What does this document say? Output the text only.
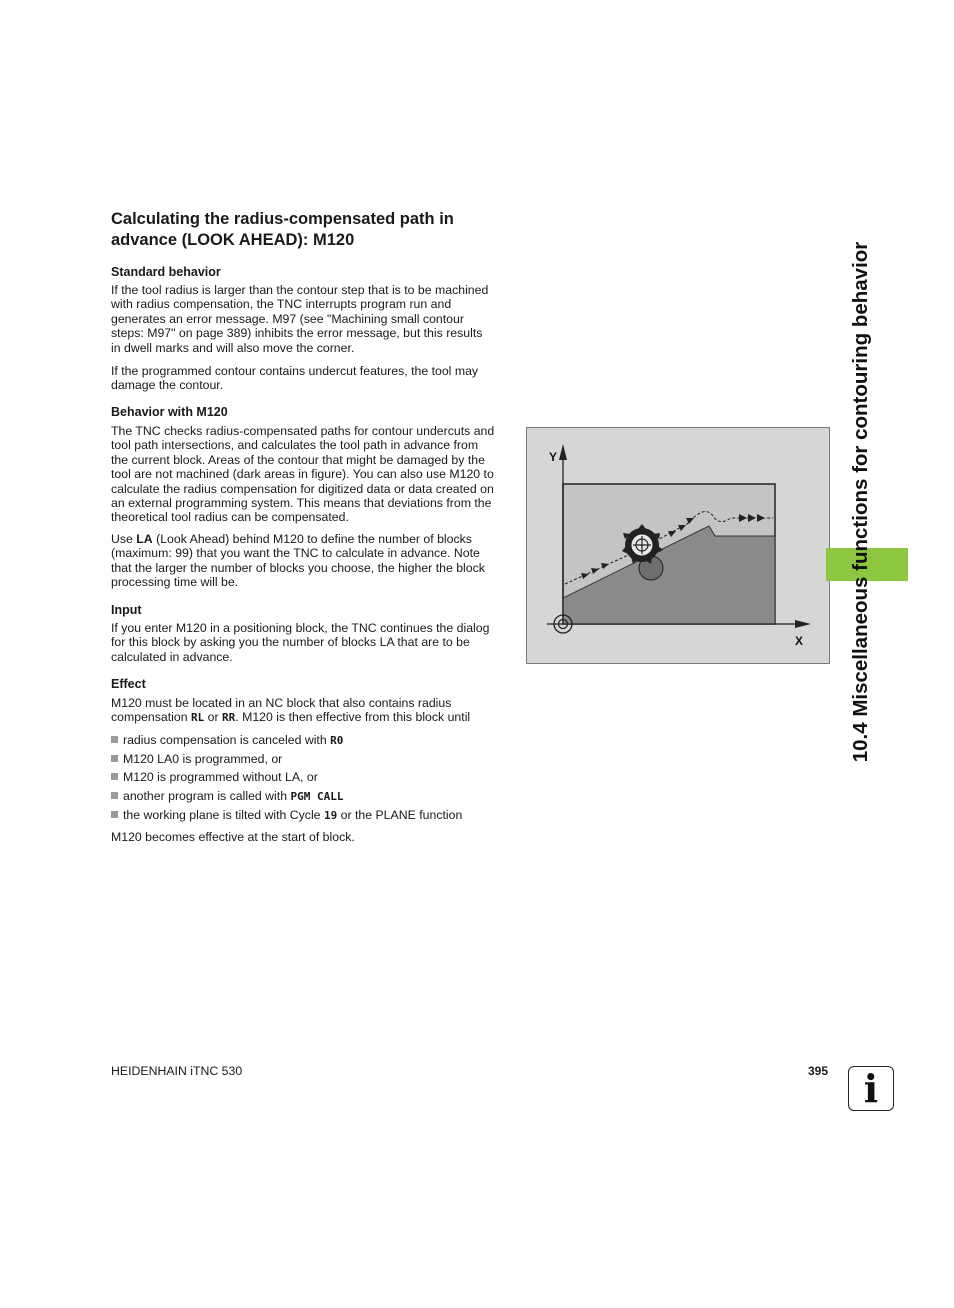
Calculating the radius-compensated path in
advance (LOOK AHEAD): M120
Standard behavior
If the tool radius is larger than the contour step that is to be machined
with radius compensation, the TNC interrupts program run and
generates an error message. M97 (see "Machining small contour
steps: M97" on page 389) inhibits the error message, but this results
in dwell marks and will also move the corner.
If the programmed contour contains undercut features, the tool may
damage the contour.
Behavior with M120
The TNC checks radius-compensated paths for contour undercuts and
tool path intersections, and calculates the tool path in advance from
the current block. Areas of the contour that might be damaged by the
tool are not machined (dark areas in figure). You can also use M120 to
calculate the radius compensation for digitized data or data created on
an external programming system. This means that deviations from the
theoretical tool radius can be compensated.
Use LA (Look Ahead) behind M120 to define the number of blocks
(maximum: 99) that you want the TNC to calculate in advance. Note
that the larger the number of blocks you choose, the higher the block
processing time will be.
Input
If you enter M120 in a positioning block, the TNC continues the dialog
for this block by asking you the number of blocks LA that are to be
calculated in advance.
Effect
M120 must be located in an NC block that also contains radius
compensation RL or RR. M120 is then effective from this block until
radius compensation is canceled with R0
M120 LA0 is programmed, or
M120 is programmed without LA, or
another program is called with PGM CALL
the working plane is tilted with Cycle 19 or the PLANE function
M120 becomes effective at the start of block.
Y
X 10.4 Miscellaneous functions for contouring behavior
HEIDENHAIN iTNC 530	395 i
